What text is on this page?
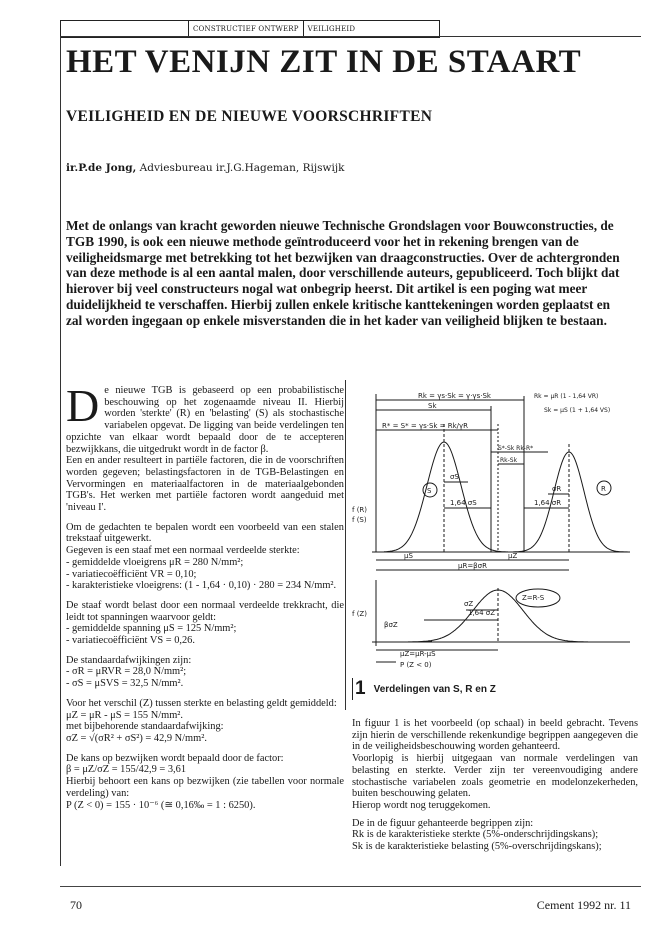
CONSTRUCTIEF ONTWERP	VEILIGHEID
HET VENIJN ZIT IN DE STAART
VEILIGHEID EN DE NIEUWE VOORSCHRIFTEN
ir.P.de Jong, Adviesbureau ir.J.G.Hageman, Rijswijk

Met de onlangs van kracht geworden nieuwe Technische Grondslagen voor Bouwconstructies, de TGB 1990, is ook een nieuwe methode geïntroduceerd voor het in rekening brengen van de veiligheidsmarge met betrekking tot het bezwijken van draagconstructies. Over de achtergronden van deze methode is al een aantal malen, door verschillende auteurs, gepubliceerd. Toch blijkt dat hierover bij veel constructeurs nogal wat onbegrip heerst. Dit artikel is een poging wat meer duidelijkheid te verschaffen. Hierbij zullen enkele kritische kanttekeningen worden geplaatst en zal worden ingegaan op enkele misverstanden die in het kader van veiligheid blijken te bestaan.

De nieuwe TGB is gebaseerd op een probabilistische beschouwing op het zogenaamde niveau II. Hierbij worden 'sterkte' (R) en 'belasting' (S) als stochastische variabelen opgevat. De ligging van beide verdelingen ten opzichte van elkaar wordt bepaald door de te accepteren bezwijkkans, die uitgedrukt wordt in de factor β.
Een en ander resulteert in partiële factoren, die in de voorschriften worden gegeven; belastingsfactoren in de TGB-Belastingen en Vervormingen en materiaalfactoren in de materiaalgebonden TGB's. Het werken met partiële factoren wordt aangeduid met 'niveau I'.

Om de gedachten te bepalen wordt een voorbeeld van een stalen trekstaaf uitgewerkt.
Gegeven is een staaf met een normaal verdeelde sterkte:
- gemiddelde vloeigrens μR = 280 N/mm²;
- variatiecoëfficiënt VR = 0,10;
- karakteristieke vloeigrens: (1 - 1,64 · 0,10) · 280 = 234 N/mm².

De staaf wordt belast door een normaal verdeelde trekkracht, die leidt tot spanningen waarvoor geldt:
- gemiddelde spanning μS = 125 N/mm²;
- variatiecoëfficiënt VS = 0,26.

De standaardafwijkingen zijn:
- σR = μRVR = 28,0 N/mm²;
- σS = μSVS = 32,5 N/mm².

Voor het verschil (Z) tussen sterkte en belasting geldt gemiddeld:
μZ = μR - μS = 155 N/mm².
met bijbehorende standaardafwijking:
σZ = √(σR² + σS²) = 42,9 N/mm².

De kans op bezwijken wordt bepaald door de factor:
β = μZ/σZ = 155/42,9 = 3,61
Hierbij behoort een kans op bezwijken (zie tabellen voor normale verdeling) van:
P (Z < 0) = 155 · 10⁻⁶ (≅ 0,16‰ = 1 : 6250).

f (R)
f (S)
f (Z)
S	R
Z=R-S
μS	μZ
μR=βσR
σS
1,64 σS
σR
1,64 σR
σZ
1,64 σZ
βσZ
μZ=μR-μS
P (Z < 0)
Rk = γs·Sk = γ·γs·Sk
Sk
R* = S* = γs·Sk = Rk/γR
Rk = μR (1 - 1,64 VR)
Sk = μS (1 + 1,64 VS)
S*-Sk Rk-R*
Rk-Sk
1 Verdelingen van S, R en Z

In figuur 1 is het voorbeeld (op schaal) in beeld gebracht. Tevens zijn hierin de verschillende rekenkundige begrippen aangegeven die in de veiligheidsbeschouwing worden gehanteerd.
Voorlopig is hierbij uitgegaan van normale verdelingen van belasting en sterkte. Verder zijn ter vereenvoudiging andere stochastische variabelen zoals geometrie en modelonzekerheden, buiten beschouwing gelaten.
Hierop wordt nog teruggekomen.

De in de figuur gehanteerde begrippen zijn:
Rk is de karakteristieke sterkte (5%-onderschrijdingskans);
Sk is de karakteristieke belasting (5%-overschrijdingskans);

70	Cement 1992 nr. 11
